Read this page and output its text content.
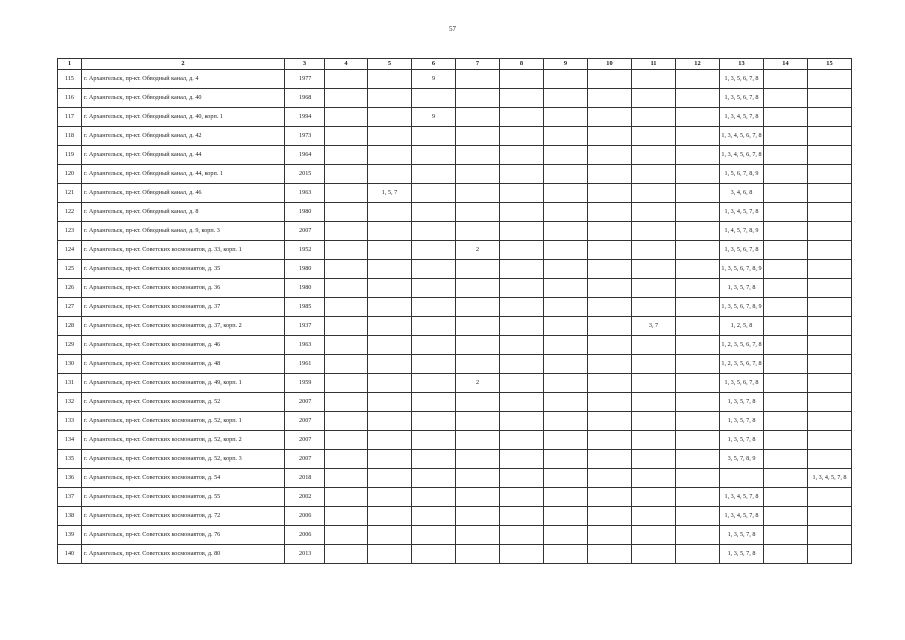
57
1	2	3	4	5	6	7	8	9	10	11	12	13	14	15
115	г. Архангельск, пр-кт. Обводный канал, д. 4	1977			9							1, 3, 5, 6, 7, 8		
116	г. Архангельск, пр-кт. Обводный канал, д. 40	1968										1, 3, 5, 6, 7, 8		
117	г. Архангельск, пр-кт. Обводный канал, д. 40, корп. 1	1994			9							1, 3, 4, 5, 7, 8		
118	г. Архангельск, пр-кт. Обводный канал, д. 42	1973										1, 3, 4, 5, 6, 7, 8		
119	г. Архангельск, пр-кт. Обводный канал, д. 44	1964										1, 3, 4, 5, 6, 7, 8		
120	г. Архангельск, пр-кт. Обводный канал, д. 44, корп. 1	2015										1, 5, 6, 7, 8, 9		
121	г. Архангельск, пр-кт. Обводный канал, д. 46	1963		1, 5, 7								3, 4, 6, 8		
122	г. Архангельск, пр-кт. Обводный канал, д. 8	1980										1, 3, 4, 5, 7, 8		
123	г. Архангельск, пр-кт. Обводный канал, д. 9, корп. 3	2007										1, 4, 5, 7, 8, 9		
124	г. Архангельск, пр-кт. Советских космонавтов, д. 33, корп. 1	1952				2						1, 3, 5, 6, 7, 8		
125	г. Архангельск, пр-кт. Советских космонавтов, д. 35	1980										1, 3, 5, 6, 7, 8, 9		
126	г. Архангельск, пр-кт. Советских космонавтов, д. 36	1980										1, 3, 5, 7, 8		
127	г. Архангельск, пр-кт. Советских космонавтов, д. 37	1985										1, 3, 5, 6, 7, 8, 9		
128	г. Архангельск, пр-кт. Советских космонавтов, д. 37, корп. 2	1937								3, 7		1, 2, 5, 8		
129	г. Архангельск, пр-кт. Советских космонавтов, д. 46	1963										1, 2, 3, 5, 6, 7, 8		
130	г. Архангельск, пр-кт. Советских космонавтов, д. 48	1961										1, 2, 3, 5, 6, 7, 8		
131	г. Архангельск, пр-кт. Советских космонавтов, д. 49, корп. 1	1959				2						1, 3, 5, 6, 7, 8		
132	г. Архангельск, пр-кт. Советских космонавтов, д. 52	2007										1, 3, 5, 7, 8		
133	г. Архангельск, пр-кт. Советских космонавтов, д. 52, корп. 1	2007										1, 3, 5, 7, 8		
134	г. Архангельск, пр-кт. Советских космонавтов, д. 52, корп. 2	2007										1, 3, 5, 7, 8		
135	г. Архангельск, пр-кт. Советских космонавтов, д. 52, корп. 3	2007										3, 5, 7, 8, 9		
136	г. Архангельск, пр-кт. Советских космонавтов, д. 54	2018												1, 3, 4, 5, 7, 8
137	г. Архангельск, пр-кт. Советских космонавтов, д. 55	2002										1, 3, 4, 5, 7, 8		
138	г. Архангельск, пр-кт. Советских космонавтов, д. 72	2006										1, 3, 4, 5, 7, 8		
139	г. Архангельск, пр-кт. Советских космонавтов, д. 76	2006										1, 3, 5, 7, 8		
140	г. Архангельск, пр-кт. Советских космонавтов, д. 80	2013										1, 3, 5, 7, 8		
